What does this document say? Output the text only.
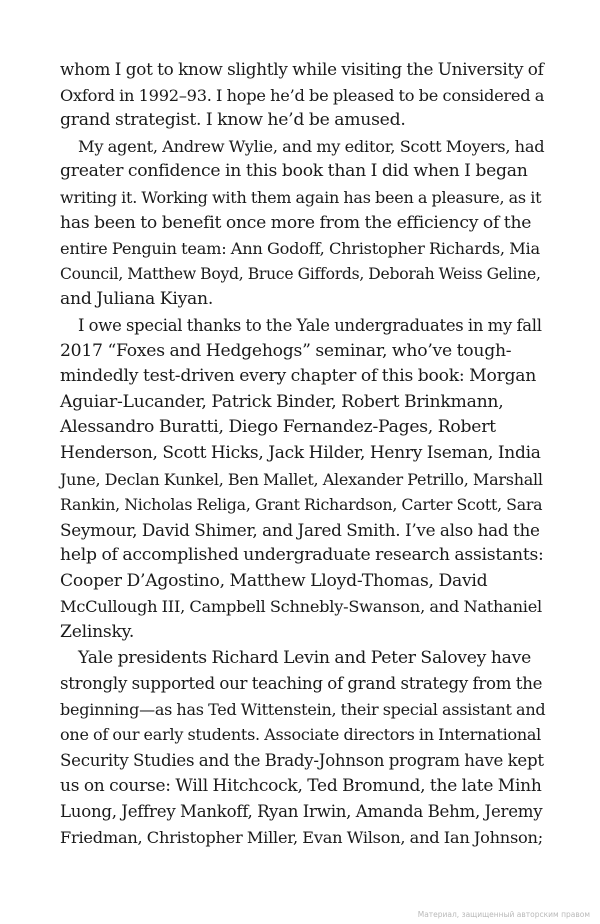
whom I got to know slightly while visiting the University of
Oxford in 1992–93. I hope he’d be pleased to be considered a
grand strategist. I know he’d be amused.
My agent, Andrew Wylie, and my editor, Scott Moyers, had
greater confidence in this book than I did when I began
writing it. Working with them again has been a pleasure, as it
has been to benefit once more from the efficiency of the
entire Penguin team: Ann Godoff, Christopher Richards, Mia
Council, Matthew Boyd, Bruce Giffords, Deborah Weiss Geline,
and Juliana Kiyan.
I owe special thanks to the Yale undergraduates in my fall
2017 “Foxes and Hedgehogs” seminar, who’ve tough-
mindedly test-driven every chapter of this book: Morgan
Aguiar-Lucander, Patrick Binder, Robert Brinkmann,
Alessandro Buratti, Diego Fernandez-Pages, Robert
Henderson, Scott Hicks, Jack Hilder, Henry Iseman, India
June, Declan Kunkel, Ben Mallet, Alexander Petrillo, Marshall
Rankin, Nicholas Religa, Grant Richardson, Carter Scott, Sara
Seymour, David Shimer, and Jared Smith. I’ve also had the
help of accomplished undergraduate research assistants:
Cooper D’Agostino, Matthew Lloyd-Thomas, David
McCullough III, Campbell Schnebly-Swanson, and Nathaniel
Zelinsky.
Yale presidents Richard Levin and Peter Salovey have
strongly supported our teaching of grand strategy from the
beginning—as has Ted Wittenstein, their special assistant and
one of our early students. Associate directors in International
Security Studies and the Brady-Johnson program have kept
us on course: Will Hitchcock, Ted Bromund, the late Minh
Luong, Jeffrey Mankoff, Ryan Irwin, Amanda Behm, Jeremy
Friedman, Christopher Miller, Evan Wilson, and Ian Johnson;
Материал, защищенный авторским правом
